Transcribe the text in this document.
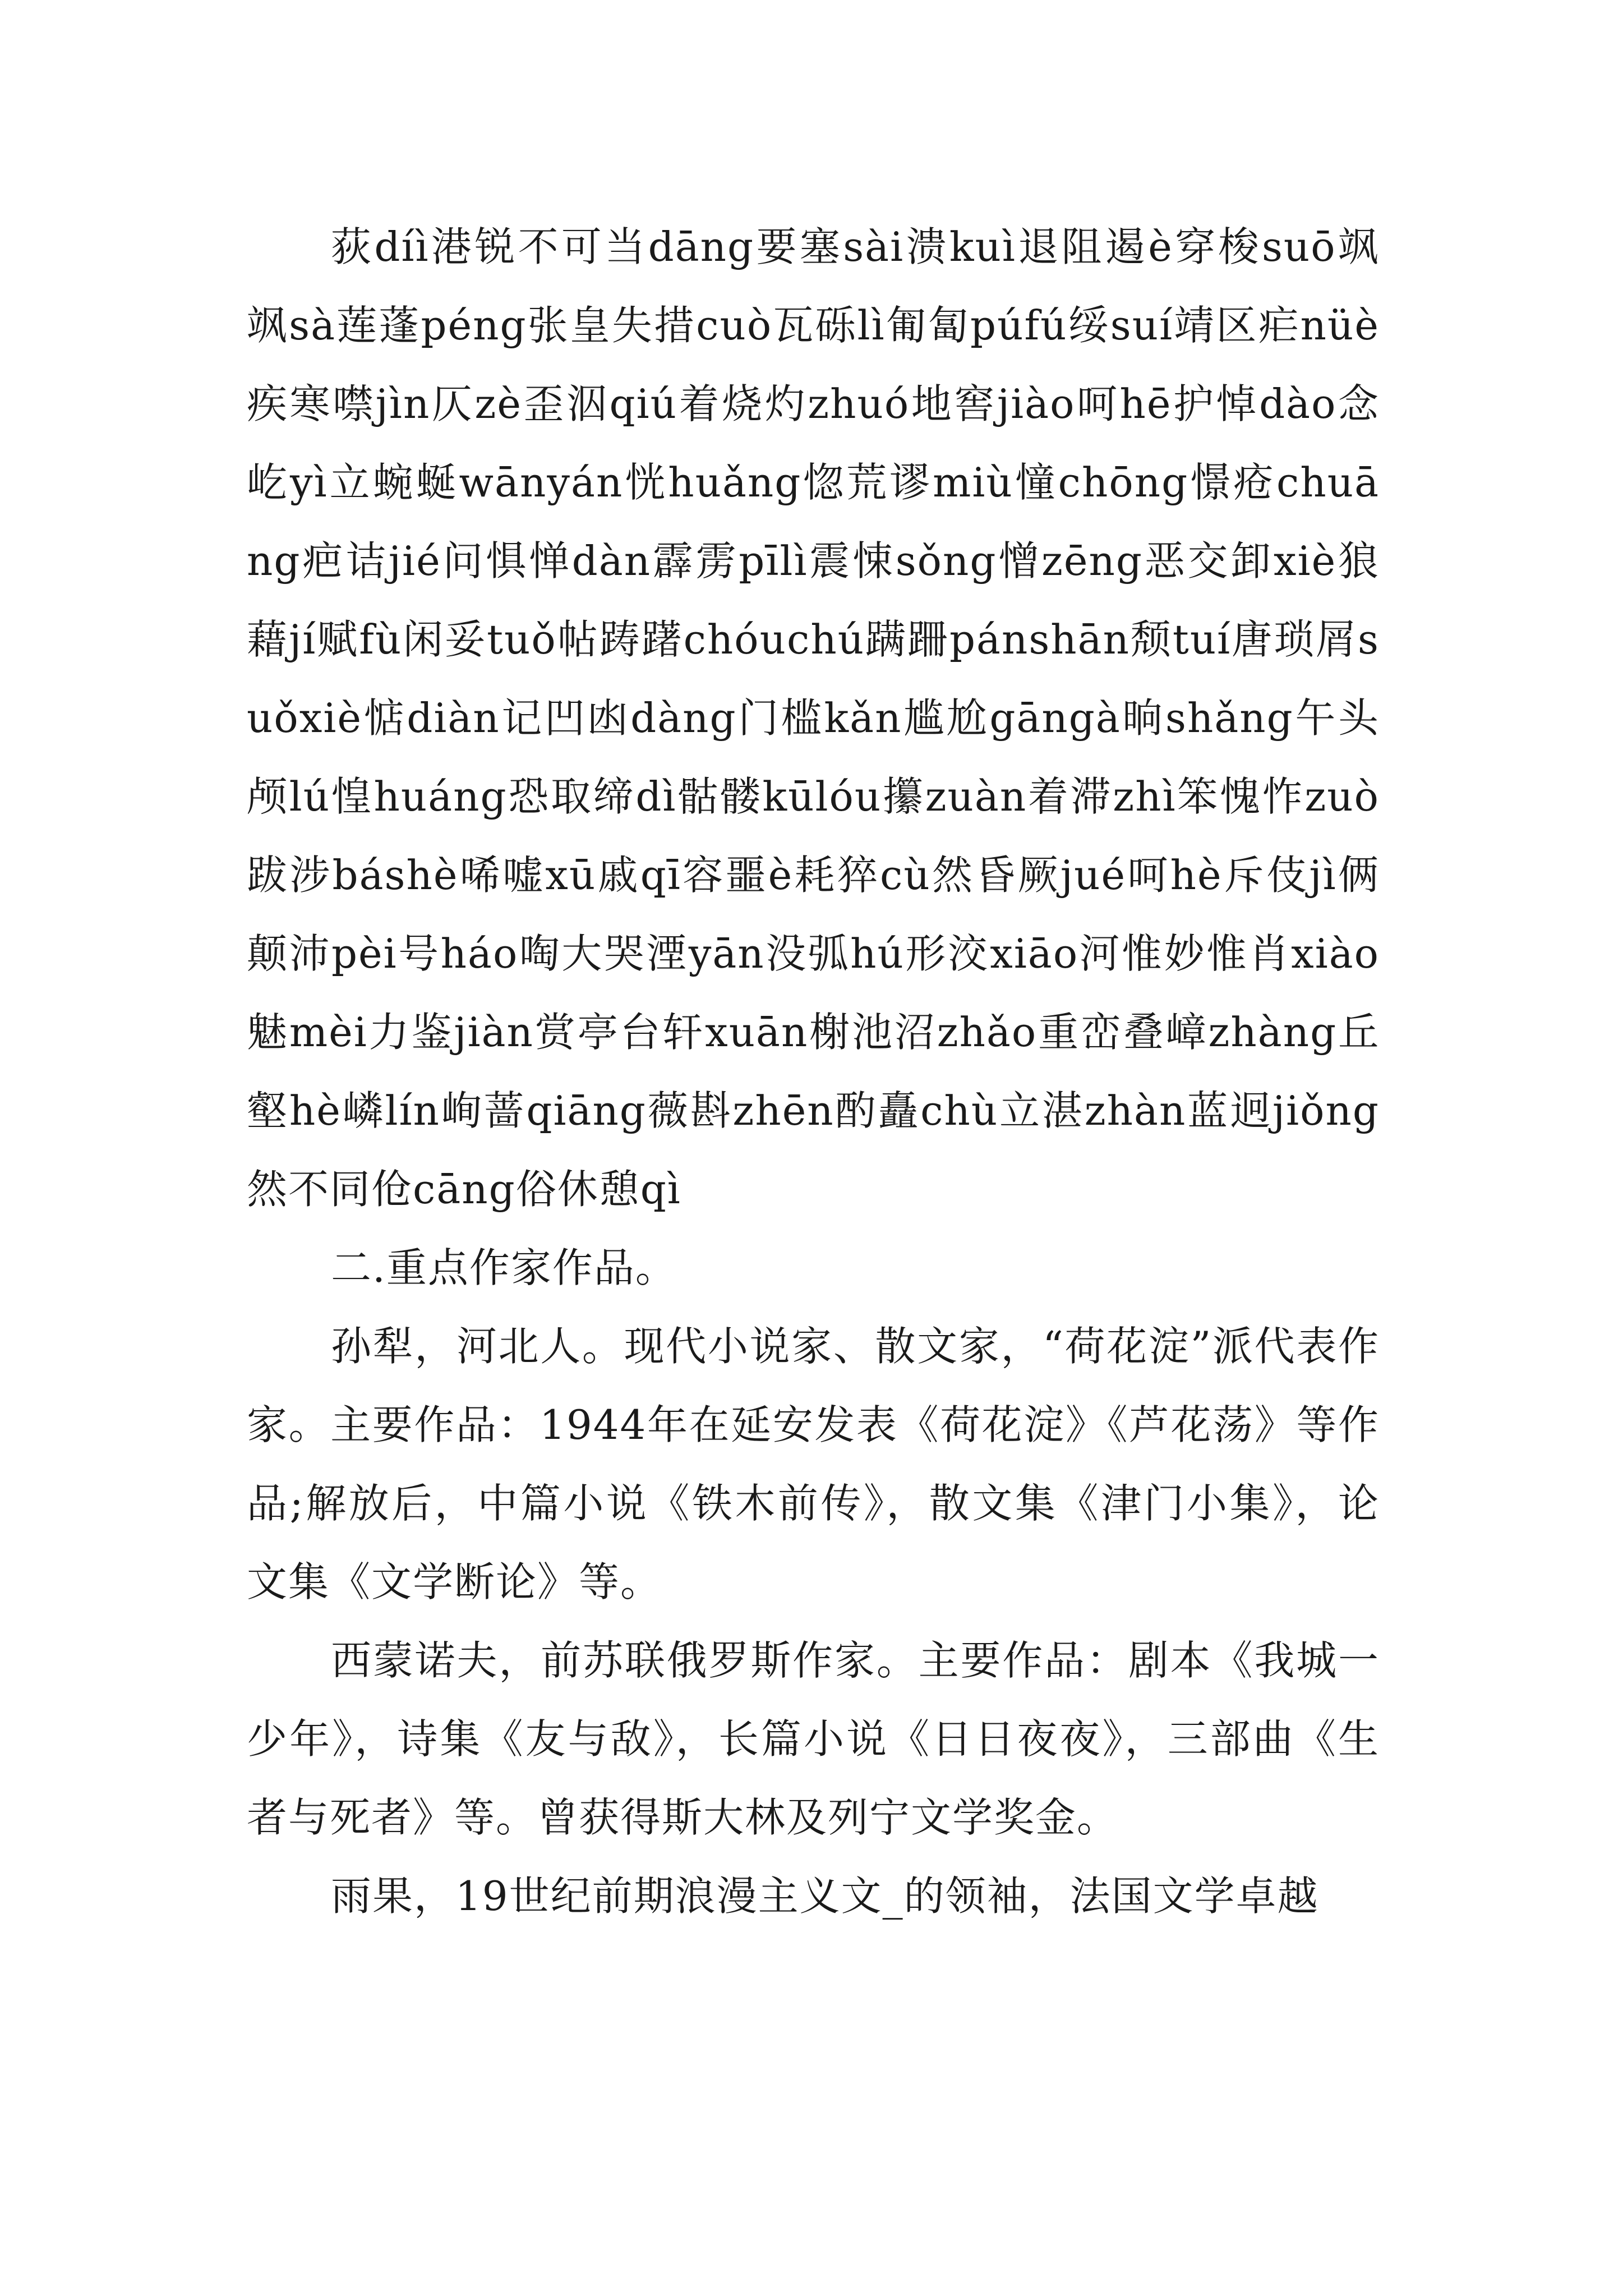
荻díì港锐不可当dāng要塞sài溃kuì退阻遏è穿梭suō飒飒sà莲蓬péng张皇失措cuò瓦砾lì匍匐púfú绥suí靖区疟nüè疾寒噤jìn仄zè歪泅qiú着烧灼zhuó地窖jiào呵hē护悼dào念屹yì立蜿蜒wānyán恍huǎng惚荒谬miù憧chōng憬疮chuāng疤诘jié问惧惮dàn霹雳pīlì震悚sǒng憎zēng恶交卸xiè狼藉jí赋fù闲妥tuǒ帖踌躇chóuchú蹒跚pánshān颓tuí唐琐屑suǒxiè惦diàn记凹凼dàng门槛kǎn尴尬gāngà晌shǎng午头颅lú惶huáng恐取缔dì骷髅kūlóu攥zuàn着滞zhì笨愧怍zuò跋涉báshè唏嘘xū戚qī容噩è耗猝cù然昏厥jué呵hè斥伎jì俩颠沛pèi号háo啕大哭湮yān没弧hú形洨xiāo河惟妙惟肖xiào魅mèi力鉴jiàn赏亭台轩xuān榭池沼zhǎo重峦叠嶂zhàng丘壑hè嶙lín峋蔷qiāng薇斟zhēn酌矗chù立湛zhàn蓝迥jiǒng然不同伧cāng俗休憩qì

二.重点作家作品。

孙犁，河北人。现代小说家、散文家，“荷花淀”派代表作家。主要作品：1944年在延安发表《荷花淀》《芦花荡》等作品;解放后，中篇小说《铁木前传》，散文集《津门小集》，论文集《文学断论》等。

西蒙诺夫，前苏联俄罗斯作家。主要作品：剧本《我城一少年》，诗集《友与敌》，长篇小说《日日夜夜》，三部曲《生者与死者》等。曾获得斯大林及列宁文学奖金。

雨果，19世纪前期浪漫主义文_的领袖，法国文学卓越
